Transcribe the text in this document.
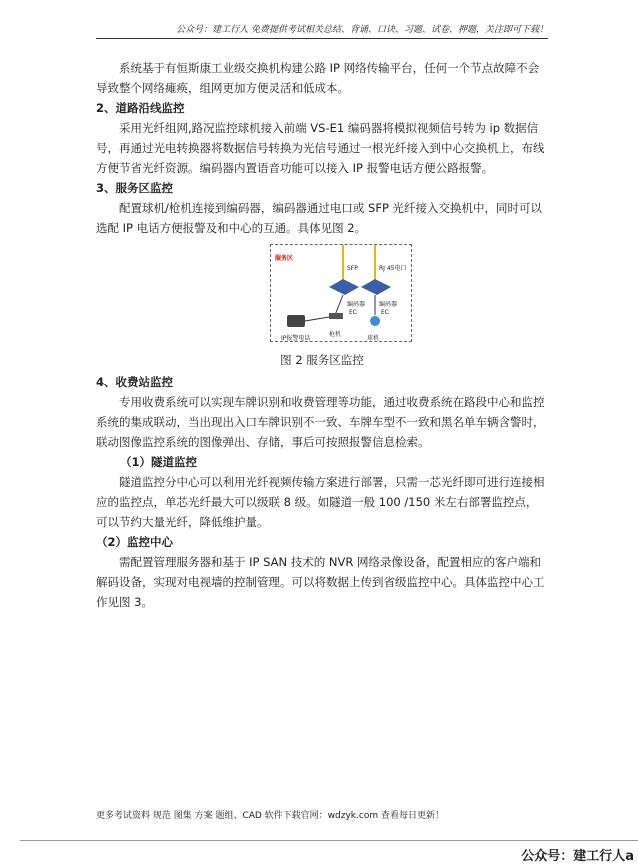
公众号：建工行人 免费提供考试相关总结、背诵、口诀、习题、试卷、押题，关注即可下载！

系统基于有恒斯康工业级交换机构建公路 IP 网络传输平台，任何一个节点故障不会导致整个网络瘫痪，组网更加方便灵活和低成本。

2、道路沿线监控

采用光纤组网,路况监控球机接入前端 VS-E1 编码器将模拟视频信号转为 ip 数据信号，再通过光电转换器将数据信号转换为光信号通过一根光纤接入到中心交换机上，布线方便节省光纤资源。编码器内置语音功能可以接入 IP 报警电话方便公路报警。

3、服务区监控

配置球机/枪机连接到编码器，编码器通过电口或 SFP 光纤接入交换机中，同时可以选配 IP 电话方便报警及和中心的互通。具体见图 2。

服务区
SFP	RJ 45电口
编码器 编码器
EC	EC
枪机
球机
IP报警电话

图 2 服务区监控

4、收费站监控

专用收费系统可以实现车牌识别和收费管理等功能，通过收费系统在路段中心和监控系统的集成联动，当出现出入口车牌识别不一致、车牌车型不一致和黑名单车辆含警时，联动图像监控系统的图像弹出、存储，事后可按照报警信息检索。

（1）隧道监控

隧道监控分中心可以利用光纤视频传输方案进行部署，只需一芯光纤即可进行连接相应的监控点，单芯光纤最大可以级联 8 级。如隧道一般 100 /150 米左右部署监控点，可以节约大量光纤，降低维护量。

（2）监控中心

需配置管理服务器和基于 IP SAN 技术的 NVR 网络录像设备，配置相应的客户端和解码设备，实现对电视墙的控制管理。可以将数据上传到省级监控中心。具体监控中心工作见图 3。

更多考试资料 规范 图集 方案 题组、CAD 软件下载官网：wdzyk.com 查看每日更新！
公众号：建工行人a
